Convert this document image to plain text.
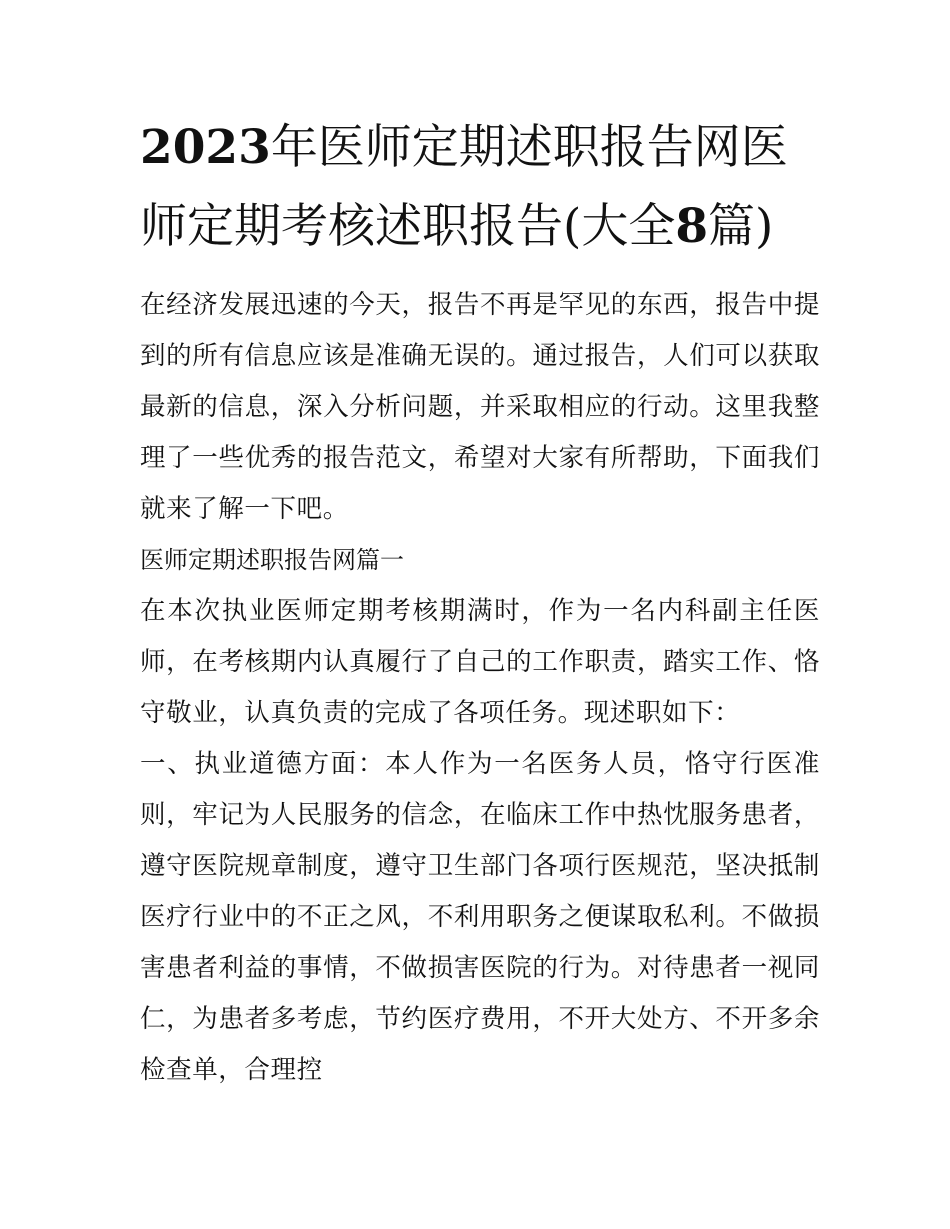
2023年医师定期述职报告网医师定期考核述职报告(大全8篇)

在经济发展迅速的今天，报告不再是罕见的东西，报告中提到的所有信息应该是准确无误的。通过报告，人们可以获取最新的信息，深入分析问题，并采取相应的行动。这里我整理了一些优秀的报告范文，希望对大家有所帮助，下面我们就来了解一下吧。

医师定期述职报告网篇一

在本次执业医师定期考核期满时，作为一名内科副主任医师，在考核期内认真履行了自己的工作职责，踏实工作、恪守敬业，认真负责的完成了各项任务。现述职如下：

一、执业道德方面：本人作为一名医务人员，恪守行医准则，牢记为人民服务的信念，在临床工作中热忱服务患者，遵守医院规章制度，遵守卫生部门各项行医规范，坚决抵制医疗行业中的不正之风，不利用职务之便谋取私利。不做损害患者利益的事情，不做损害医院的行为。对待患者一视同仁，为患者多考虑，节约医疗费用，不开大处方、不开多余检查单，合理控
